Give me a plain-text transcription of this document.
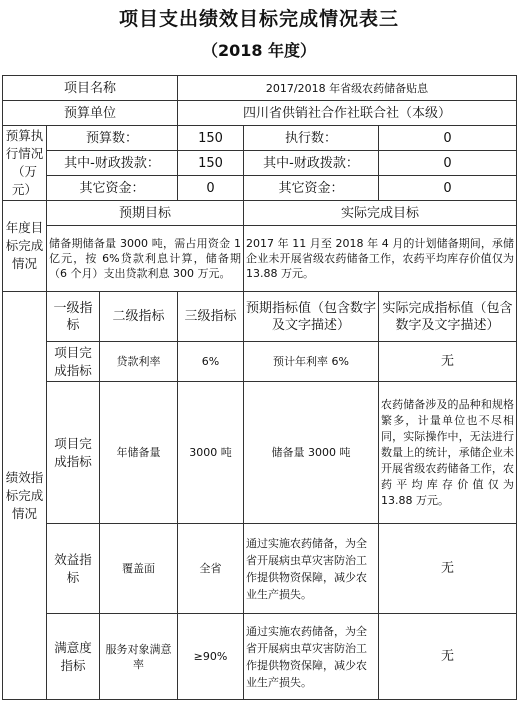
项目支出绩效目标完成情况表三
（2018 年度）
项目名称			2017/2018 年省级农药储备贴息		
预算单位			四川省供销社合作社联合社（本级）		
预算执行情况（万元）	预算数：		150	执行数：	0
	其中-财政拨款：		150	其中-财政拨款：	0
	其它资金：		0	其它资金：	0
年度目标完成情况	预期目标			实际完成目标	
	储备期储备量 3000 吨，需占用资金 1 亿元，按 6%贷款利息计算，储备期（6 个月）支出贷款利息 300 万元。			2017 年 11 月至 2018 年 4 月的计划储备期间，承储企业未开展省级农药储备工作，农药平均库存价值仅为 13.88 万元。	
绩效指标完成情况	一级指标	二级指标	三级指标	预期指标值（包含数字及文字描述）	实际完成指标值（包含数字及文字描述）
	项目完成指标	贷款利率	6%	预计年利率 6%	无
	项目完成指标	年储备量	3000 吨	储备量 3000 吨	农药储备涉及的品种和规格繁多，计量单位也不尽相同，实际操作中，无法进行数量上的统计，承储企业未开展省级农药储备工作，农药平均库存价值仅为 13.88 万元。
	效益指标	覆盖面	全省	通过实施农药储备，为全省开展病虫草灾害防治工作提供物资保障，减少农业生产损失。	无
	满意度指标	服务对象满意率	≥90%	通过实施农药储备，为全省开展病虫草灾害防治工作提供物资保障，减少农业生产损失。	无
